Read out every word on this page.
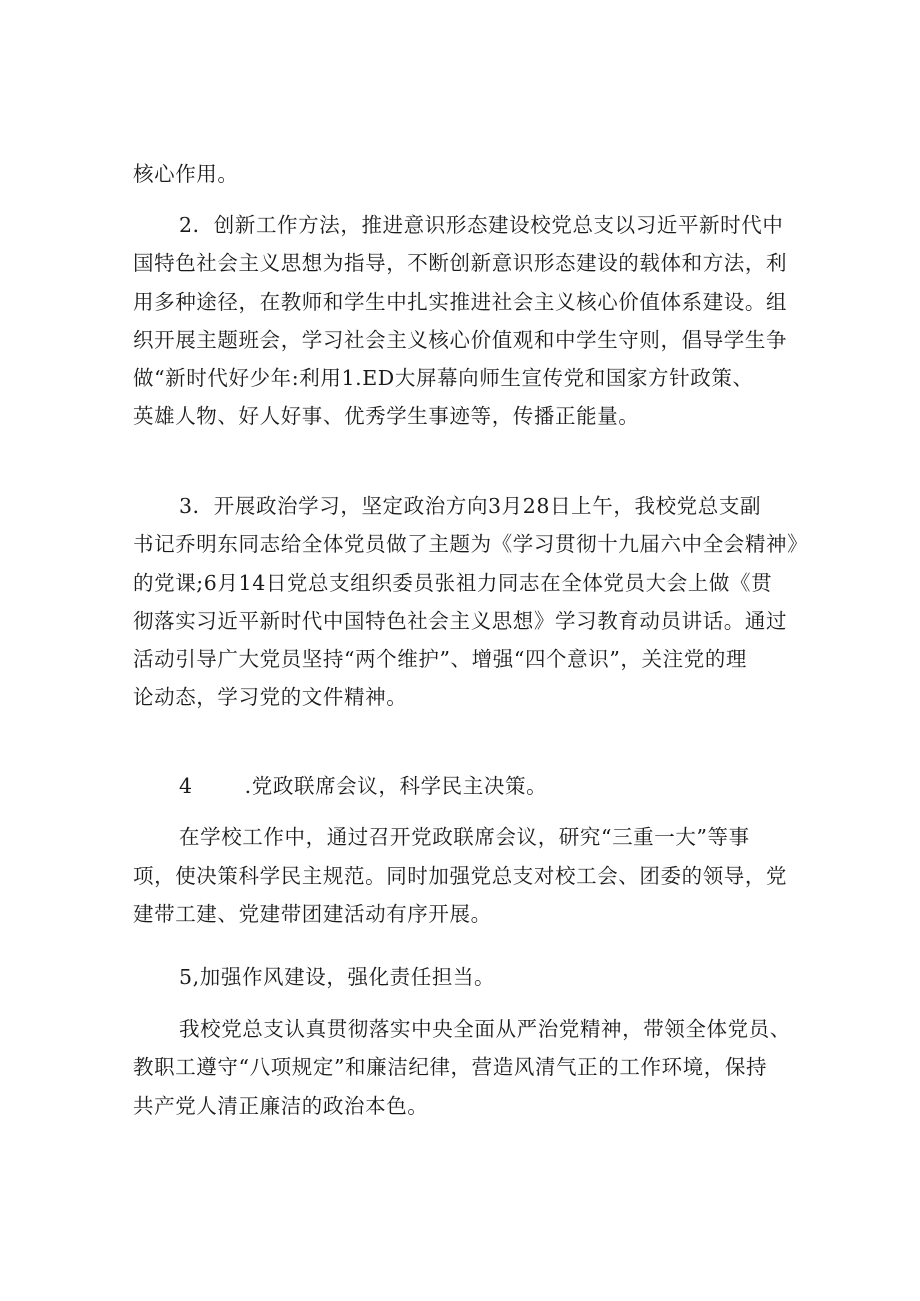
核心作用。

2．创新工作方法，推进意识形态建设校党总支以习近平新时代中

国特色社会主义思想为指导，不断创新意识形态建设的载体和方法，利

用多种途径，在教师和学生中扎实推进社会主义核心价值体系建设。组

织开展主题班会，学习社会主义核心价值观和中学生守则，倡导学生争

做“新时代好少年:利用1.ED大屏幕向师生宣传党和国家方针政策、

英雄人物、好人好事、优秀学生事迹等，传播正能量。

3．开展政治学习，坚定政治方向3月28日上午，我校党总支副

书记乔明东同志给全体党员做了主题为《学习贯彻十九届六中全会精神》

的党课;6月14日党总支组织委员张祖力同志在全体党员大会上做《贯

彻落实习近平新时代中国特色社会主义思想》学习教育动员讲话。通过

活动引导广大党员坚持“两个维护”、增强“四个意识”，关注党的理

论动态，学习党的文件精神。

4	.党政联席会议，科学民主决策。

在学校工作中，通过召开党政联席会议，研究“三重一大”等事

项，使决策科学民主规范。同时加强党总支对校工会、团委的领导，党

建带工建、党建带团建活动有序开展。

5,加强作风建设，强化责任担当。

我校党总支认真贯彻落实中央全面从严治党精神，带领全体党员、

教职工遵守“八项规定”和廉洁纪律，营造风清气正的工作环境，保持

共产党人清正廉洁的政治本色。
